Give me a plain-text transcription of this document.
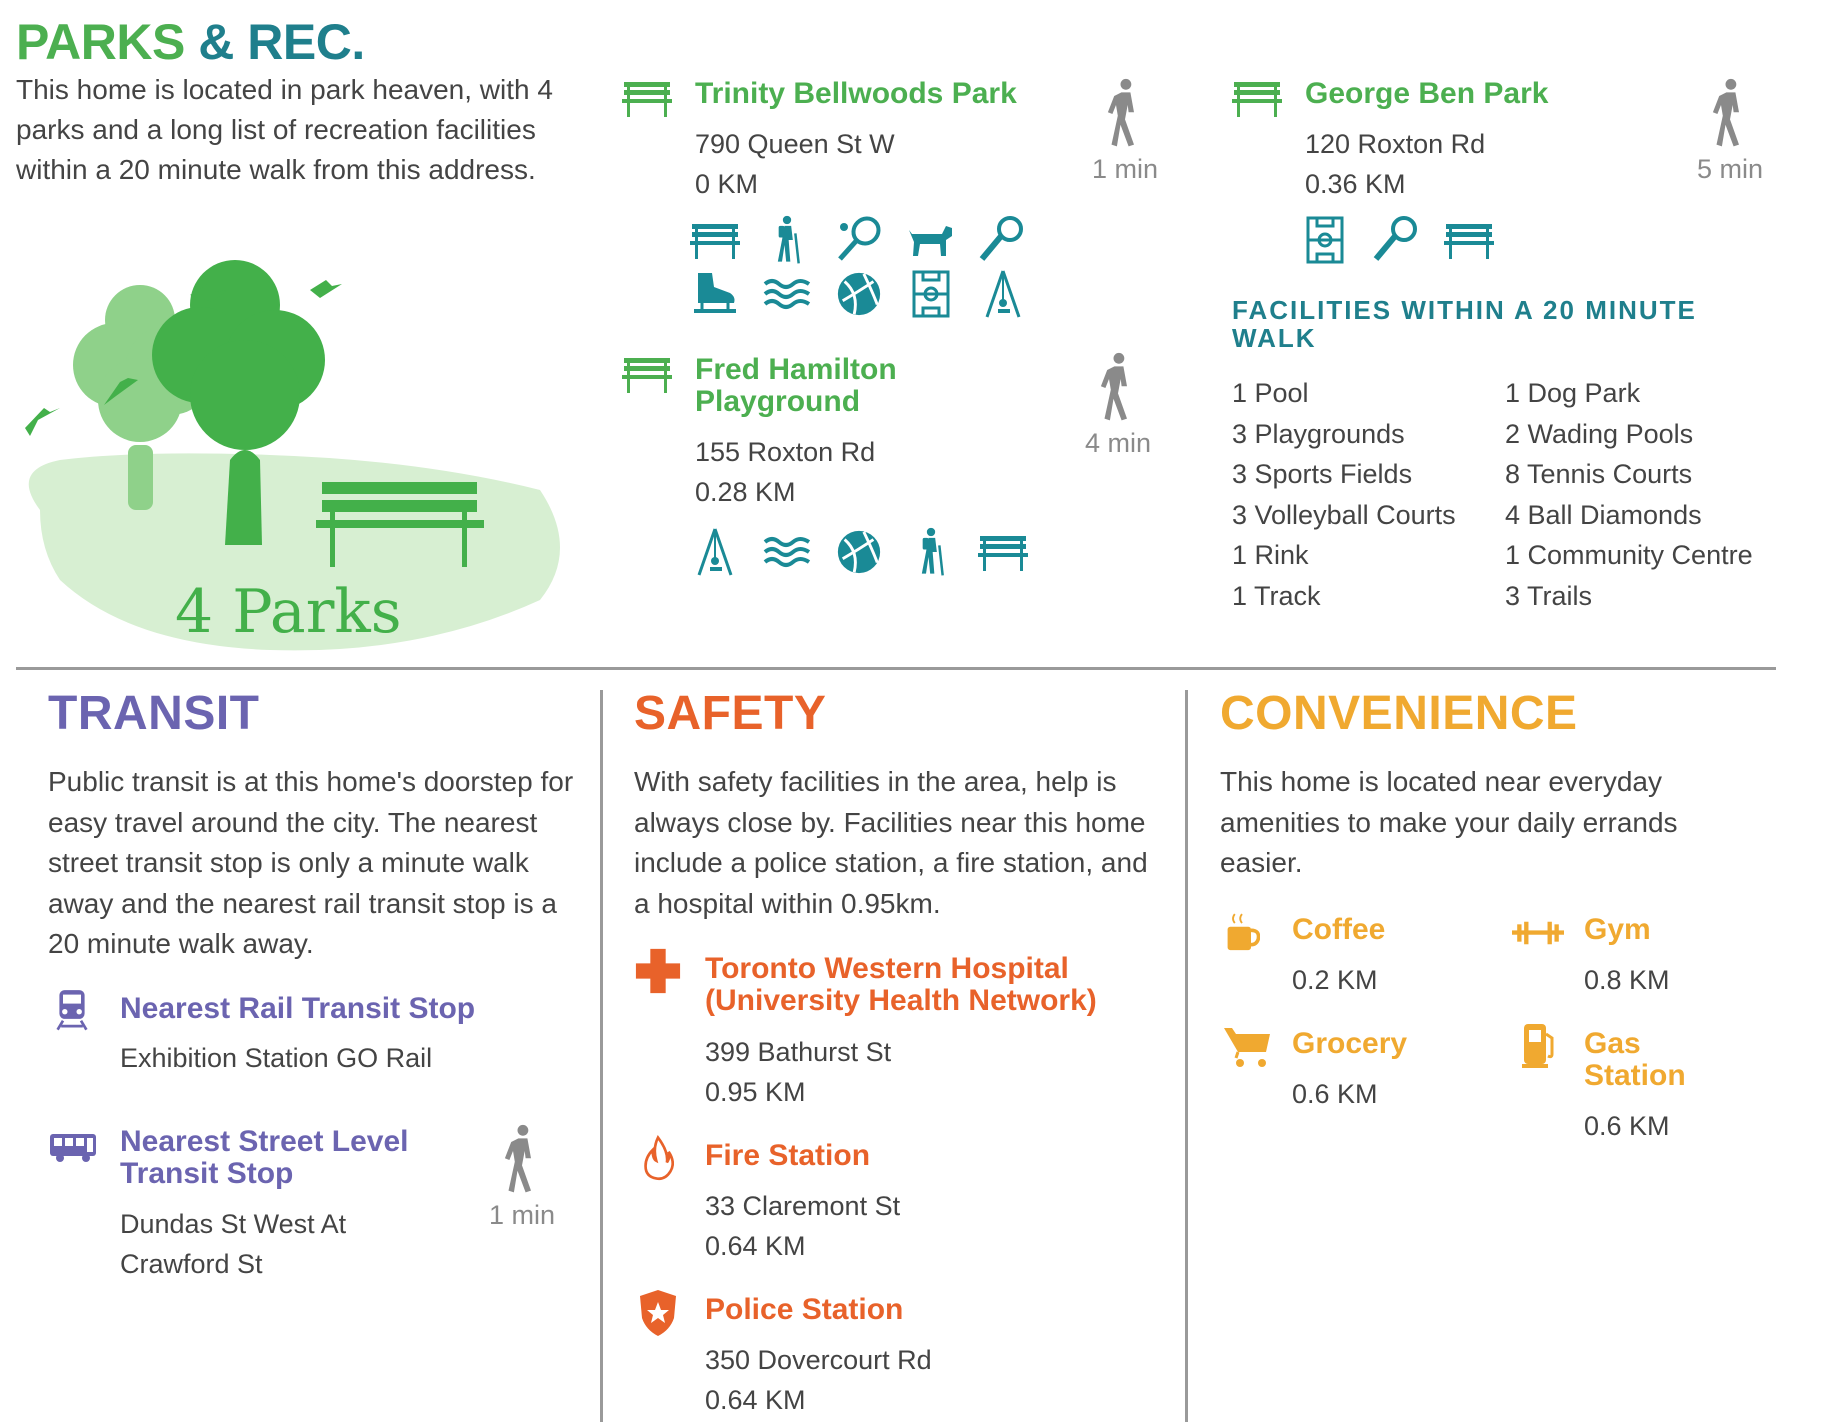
PARKS & REC.
This home is located in park heaven, with 4 parks and a long list of recreation facilities within a 20 minute walk from this address.
4 Parks
Trinity Bellwoods Park
790 Queen St W
0 KM	1 min
Fred Hamilton
Playground
155 Roxton Rd
0.28 KM
4 min
George Ben Park
120 Roxton Rd
0.36 KM	5 min
FACILITIES WITHIN A 20 MINUTE
WALK
1 Pool
3 Playgrounds
3 Sports Fields
3 Volleyball Courts
1 Rink
1 Track
1 Dog Park
2 Wading Pools
8 Tennis Courts
4 Ball Diamonds
1 Community Centre
3 Trails
TRANSIT
Public transit is at this home's doorstep for easy travel around the city. The nearest street transit stop is only a minute walk away and the nearest rail transit stop is a 20 minute walk away.
Nearest Rail Transit Stop
Exhibition Station GO Rail
Nearest Street Level
Transit Stop
Dundas St West At
Crawford St
1 min
SAFETY
With safety facilities in the area, help is always close by. Facilities near this home include a police station, a fire station, and a hospital within 0.95km.
Toronto Western Hospital
(University Health Network)
399 Bathurst St
0.95 KM
Fire Station
33 Claremont St
0.64 KM
Police Station
350 Dovercourt Rd
0.64 KM
CONVENIENCE
This home is located near everyday amenities to make your daily errands easier.
Coffee
0.2 KM
Gym
0.8 KM
Grocery
0.6 KM
Gas
Station
0.6 KM
